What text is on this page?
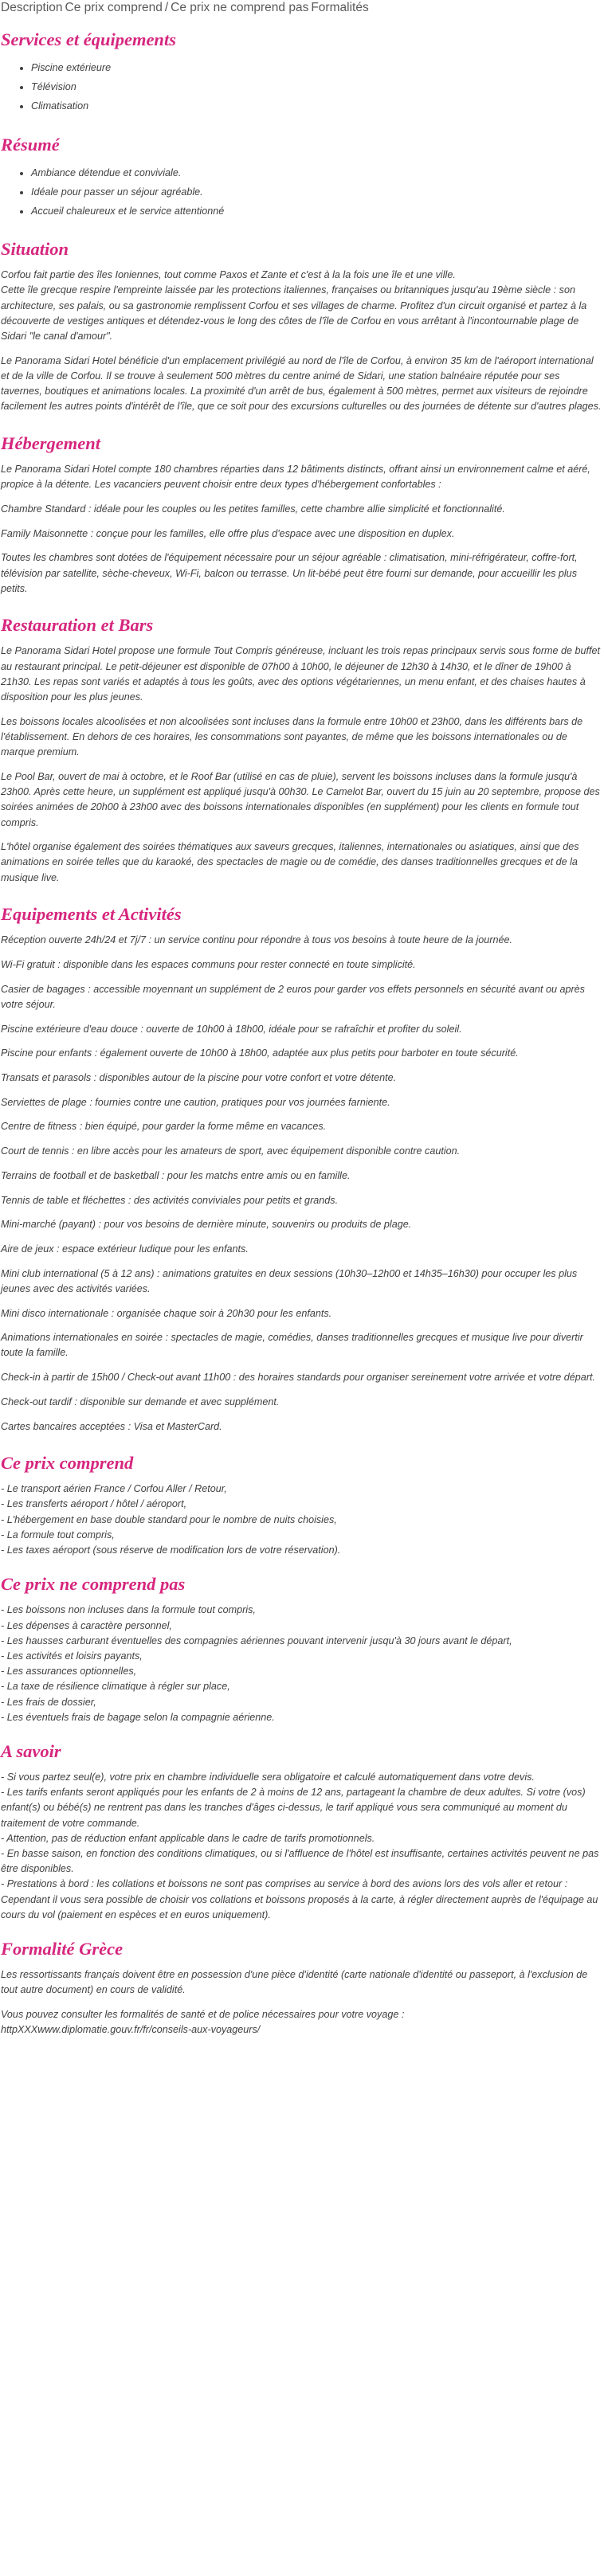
Description Ce prix comprend / Ce prix ne comprend pas Formalités
Services et équipements
• Piscine extérieure
• Télévision
• Climatisation
Résumé
• Ambiance détendue et conviviale.
• Idéale pour passer un séjour agréable.
• Accueil chaleureux et le service attentionné
Situation

Corfou fait partie des îles Ioniennes, tout comme Paxos et Zante et c'est à la la fois une île et une ville.
Cette île grecque respire l'empreinte laissée par les protections italiennes, françaises ou britanniques jusqu'au 19ème siècle : son architecture, ses palais, ou sa gastronomie remplissent Corfou et ses villages de charme. Profitez d'un circuit organisé et partez à la découverte de vestiges antiques et détendez-vous le long des côtes de l'île de Corfou en vous arrêtant à l'incontournable plage de Sidari "le canal d'amour".

Le Panorama Sidari Hotel bénéficie d'un emplacement privilégié au nord de l'île de Corfou, à environ 35 km de l'aéroport international et de la ville de Corfou. Il se trouve à seulement 500 mètres du centre animé de Sidari, une station balnéaire réputée pour ses tavernes, boutiques et animations locales. La proximité d'un arrêt de bus, également à 500 mètres, permet aux visiteurs de rejoindre facilement les autres points d'intérêt de l'île, que ce soit pour des excursions culturelles ou des journées de détente sur d'autres plages.

Hébergement

Le Panorama Sidari Hotel compte 180 chambres réparties dans 12 bâtiments distincts, offrant ainsi un environnement calme et aéré, propice à la détente. Les vacanciers peuvent choisir entre deux types d'hébergement confortables :

Chambre Standard : idéale pour les couples ou les petites familles, cette chambre allie simplicité et fonctionnalité.

Family Maisonnette : conçue pour les familles, elle offre plus d'espace avec une disposition en duplex.

Toutes les chambres sont dotées de l'équipement nécessaire pour un séjour agréable : climatisation, mini-réfrigérateur, coffre-fort, télévision par satellite, sèche-cheveux, Wi-Fi, balcon ou terrasse. Un lit-bébé peut être fourni sur demande, pour accueillir les plus petits.

Restauration et Bars

Le Panorama Sidari Hotel propose une formule Tout Compris généreuse, incluant les trois repas principaux servis sous forme de buffet au restaurant principal. Le petit-déjeuner est disponible de 07h00 à 10h00, le déjeuner de 12h30 à 14h30, et le dîner de 19h00 à 21h30. Les repas sont variés et adaptés à tous les goûts, avec des options végétariennes, un menu enfant, et des chaises hautes à disposition pour les plus jeunes.

Les boissons locales alcoolisées et non alcoolisées sont incluses dans la formule entre 10h00 et 23h00, dans les différents bars de l'établissement. En dehors de ces horaires, les consommations sont payantes, de même que les boissons internationales ou de marque premium.

Le Pool Bar, ouvert de mai à octobre, et le Roof Bar (utilisé en cas de pluie), servent les boissons incluses dans la formule jusqu'à 23h00. Après cette heure, un supplément est appliqué jusqu'à 00h30. Le Camelot Bar, ouvert du 15 juin au 20 septembre, propose des soirées animées de 20h00 à 23h00 avec des boissons internationales disponibles (en supplément) pour les clients en formule tout compris.

L'hôtel organise également des soirées thématiques aux saveurs grecques, italiennes, internationales ou asiatiques, ainsi que des animations en soirée telles que du karaoké, des spectacles de magie ou de comédie, des danses traditionnelles grecques et de la musique live.

Equipements et Activités

Réception ouverte 24h/24 et 7j/7 : un service continu pour répondre à tous vos besoins à toute heure de la journée.

Wi-Fi gratuit : disponible dans les espaces communs pour rester connecté en toute simplicité.

Casier de bagages : accessible moyennant un supplément de 2 euros pour garder vos effets personnels en sécurité avant ou après votre séjour.

Piscine extérieure d'eau douce : ouverte de 10h00 à 18h00, idéale pour se rafraîchir et profiter du soleil.

Piscine pour enfants : également ouverte de 10h00 à 18h00, adaptée aux plus petits pour barboter en toute sécurité.

Transats et parasols : disponibles autour de la piscine pour votre confort et votre détente.

Serviettes de plage : fournies contre une caution, pratiques pour vos journées farniente.

Centre de fitness : bien équipé, pour garder la forme même en vacances.

Court de tennis : en libre accès pour les amateurs de sport, avec équipement disponible contre caution.

Terrains de football et de basketball : pour les matchs entre amis ou en famille.

Tennis de table et fléchettes : des activités conviviales pour petits et grands.

Mini-marché (payant) : pour vos besoins de dernière minute, souvenirs ou produits de plage.

Aire de jeux : espace extérieur ludique pour les enfants.

Mini club international (5 à 12 ans) : animations gratuites en deux sessions (10h30–12h00 et 14h35–16h30) pour occuper les plus jeunes avec des activités variées.

Mini disco internationale : organisée chaque soir à 20h30 pour les enfants.

Animations internationales en soirée : spectacles de magie, comédies, danses traditionnelles grecques et musique live pour divertir toute la famille.

Check-in à partir de 15h00 / Check-out avant 11h00 : des horaires standards pour organiser sereinement votre arrivée et votre départ.

Check-out tardif : disponible sur demande et avec supplément.

Cartes bancaires acceptées : Visa et MasterCard.

Ce prix comprend
- Le transport aérien France / Corfou Aller / Retour,
- Les transferts aéroport / hôtel / aéroport,
- L'hébergement en base double standard pour le nombre de nuits choisies,
- La formule tout compris,
- Les taxes aéroport (sous réserve de modification lors de votre réservation).
Ce prix ne comprend pas
- Les boissons non incluses dans la formule tout compris,
- Les dépenses à caractère personnel,
- Les hausses carburant éventuelles des compagnies aériennes pouvant intervenir jusqu'à 30 jours avant le départ,
- Les activités et loisirs payants,
- Les assurances optionnelles,
- La taxe de résilience climatique à régler sur place,
- Les frais de dossier,
- Les éventuels frais de bagage selon la compagnie aérienne.
A savoir
- Si vous partez seul(e), votre prix en chambre individuelle sera obligatoire et calculé automatiquement dans votre devis.
- Les tarifs enfants seront appliqués pour les enfants de 2 à moins de 12 ans, partageant la chambre de deux adultes. Si votre (vos) enfant(s) ou bébé(s) ne rentrent pas dans les tranches d'âges ci-dessus, le tarif appliqué vous sera communiqué au moment du traitement de votre commande.
- Attention, pas de réduction enfant applicable dans le cadre de tarifs promotionnels.
- En basse saison, en fonction des conditions climatiques, ou si l'affluence de l'hôtel est insuffisante, certaines activités peuvent ne pas être disponibles.
- Prestations à bord : les collations et boissons ne sont pas comprises au service à bord des avions lors des vols aller et retour : Cependant il vous sera possible de choisir vos collations et boissons proposés à la carte, à régler directement auprès de l'équipage au cours du vol (paiement en espèces et en euros uniquement).
Formalité Grèce

Les ressortissants français doivent être en possession d'une pièce d'identité (carte nationale d'identité ou passeport, à l'exclusion de tout autre document) en cours de validité.

Vous pouvez consulter les formalités de santé et de police nécessaires pour votre voyage :
httpXXXwww.diplomatie.gouv.fr/fr/conseils-aux-voyageurs/
